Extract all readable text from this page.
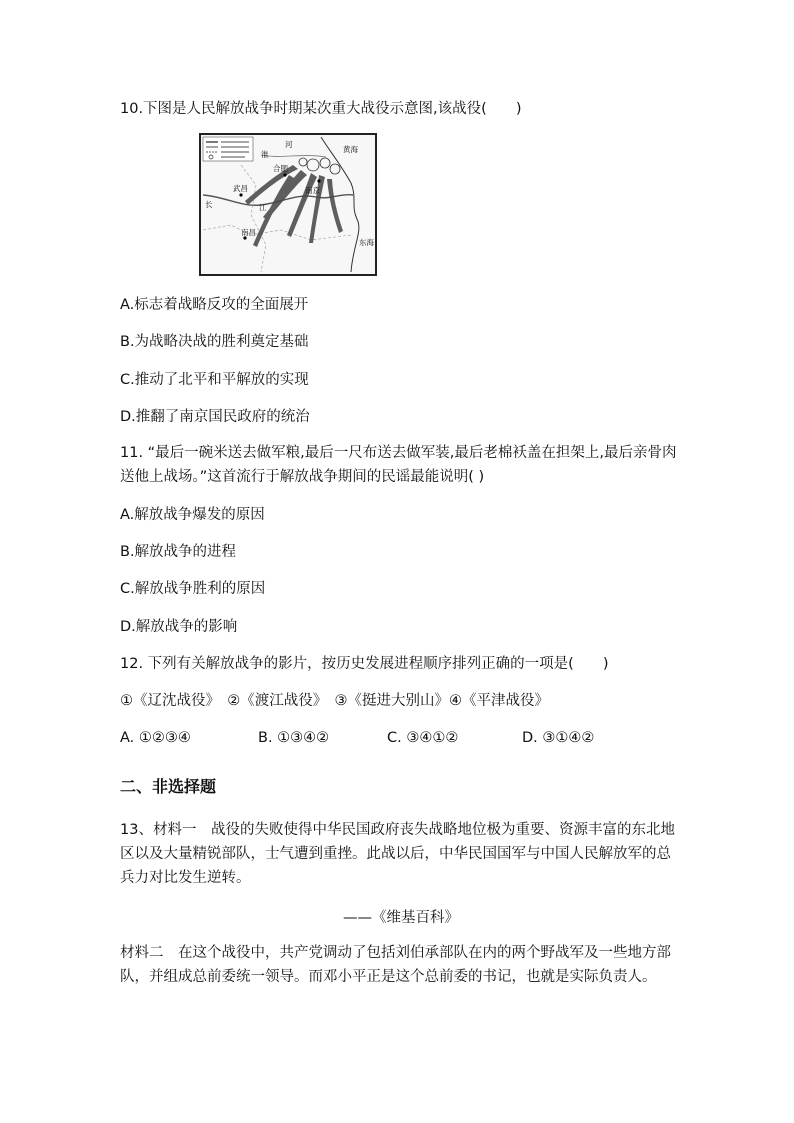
10.下图是人民解放战争时期某次重大战役示意图,该战役(　　)
黄海
河
淮
合肥
南京
武昌
长	江
南昌
东海
A.标志着战略反攻的全面展开
B.为战略决战的胜利奠定基础
C.推动了北平和平解放的实现
D.推翻了南京国民政府的统治
11. “最后一碗米送去做军粮,最后一尺布送去做军装,最后老棉袄盖在担架上,最后亲骨肉送他上战场。”这首流行于解放战争期间的民谣最能说明( )
A.解放战争爆发的原因
B.解放战争的进程
C.解放战争胜利的原因
D.解放战争的影响
12. 下列有关解放战争的影片，按历史发展进程顺序排列正确的一项是(　　)
①《辽沈战役》　②《渡江战役》　③《挺进大别山》④《平津战役》
A. ①②③④	B. ①③④②	C. ③④①②	D. ③①④②
二、非选择题
13、材料一　战役的失败使得中华民国政府丧失战略地位极为重要、资源丰富的东北地区以及大量精锐部队，士气遭到重挫。此战以后，中华民国国军与中国人民解放军的总兵力对比发生逆转。
——《维基百科》
材料二　在这个战役中，共产党调动了包括刘伯承部队在内的两个野战军及一些地方部队，并组成总前委统一领导。而邓小平正是这个总前委的书记，也就是实际负责人。
